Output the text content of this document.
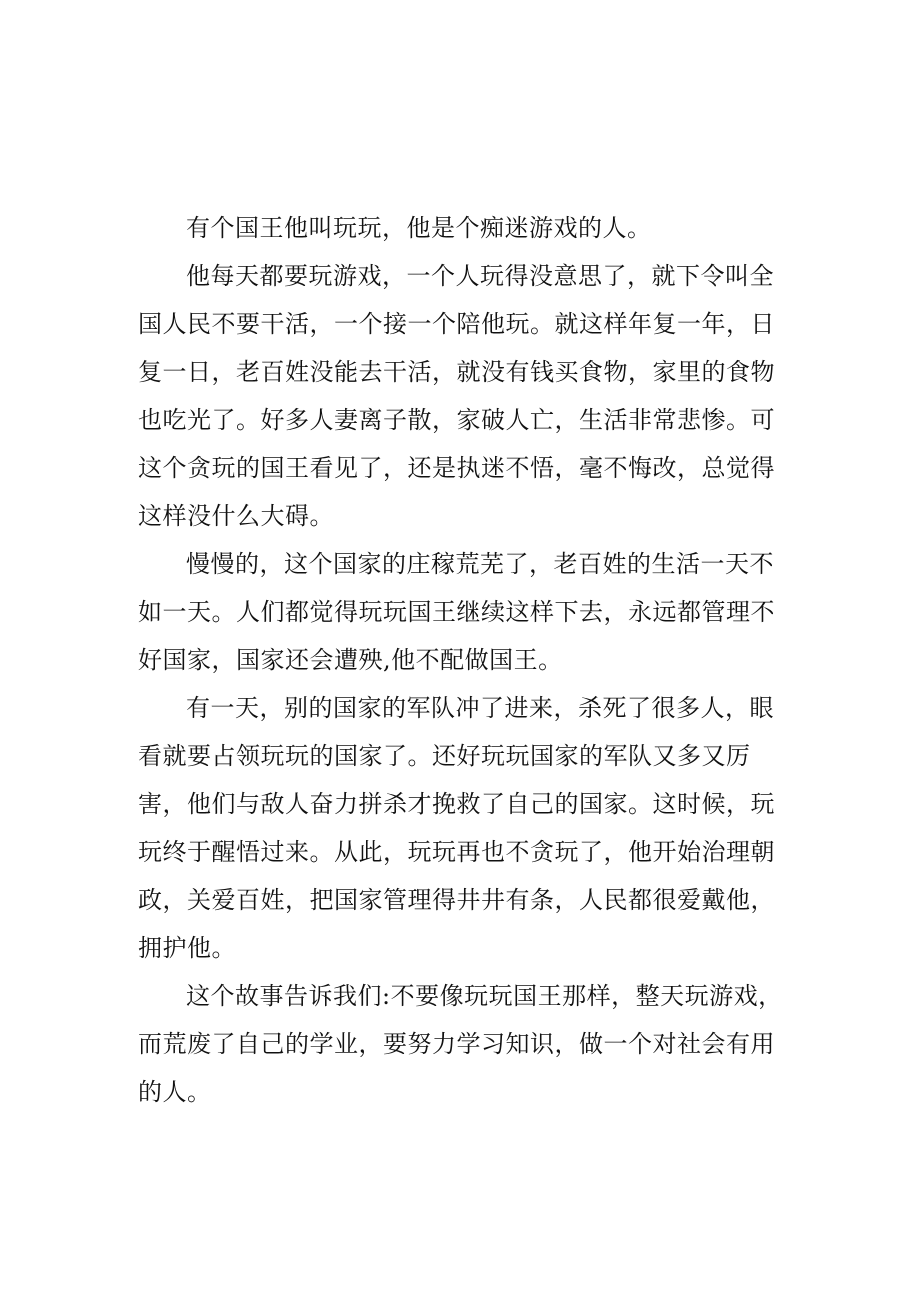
有个国王他叫玩玩，他是个痴迷游戏的人。

他每天都要玩游戏，一个人玩得没意思了，就下令叫全国人民不要干活，一个接一个陪他玩。就这样年复一年，日复一日，老百姓没能去干活，就没有钱买食物，家里的食物也吃光了。好多人妻离子散，家破人亡，生活非常悲惨。可这个贪玩的国王看见了，还是执迷不悟，毫不悔改，总觉得这样没什么大碍。

慢慢的，这个国家的庄稼荒芜了，老百姓的生活一天不如一天。人们都觉得玩玩国王继续这样下去，永远都管理不好国家，国家还会遭殃,他不配做国王。

有一天，别的国家的军队冲了进来，杀死了很多人，眼看就要占领玩玩的国家了。还好玩玩国家的军队又多又厉害，他们与敌人奋力拼杀才挽救了自己的国家。这时候，玩玩终于醒悟过来。从此，玩玩再也不贪玩了，他开始治理朝政，关爱百姓，把国家管理得井井有条，人民都很爱戴他，拥护他。

这个故事告诉我们:不要像玩玩国王那样，整天玩游戏，而荒废了自己的学业，要努力学习知识，做一个对社会有用的人。
